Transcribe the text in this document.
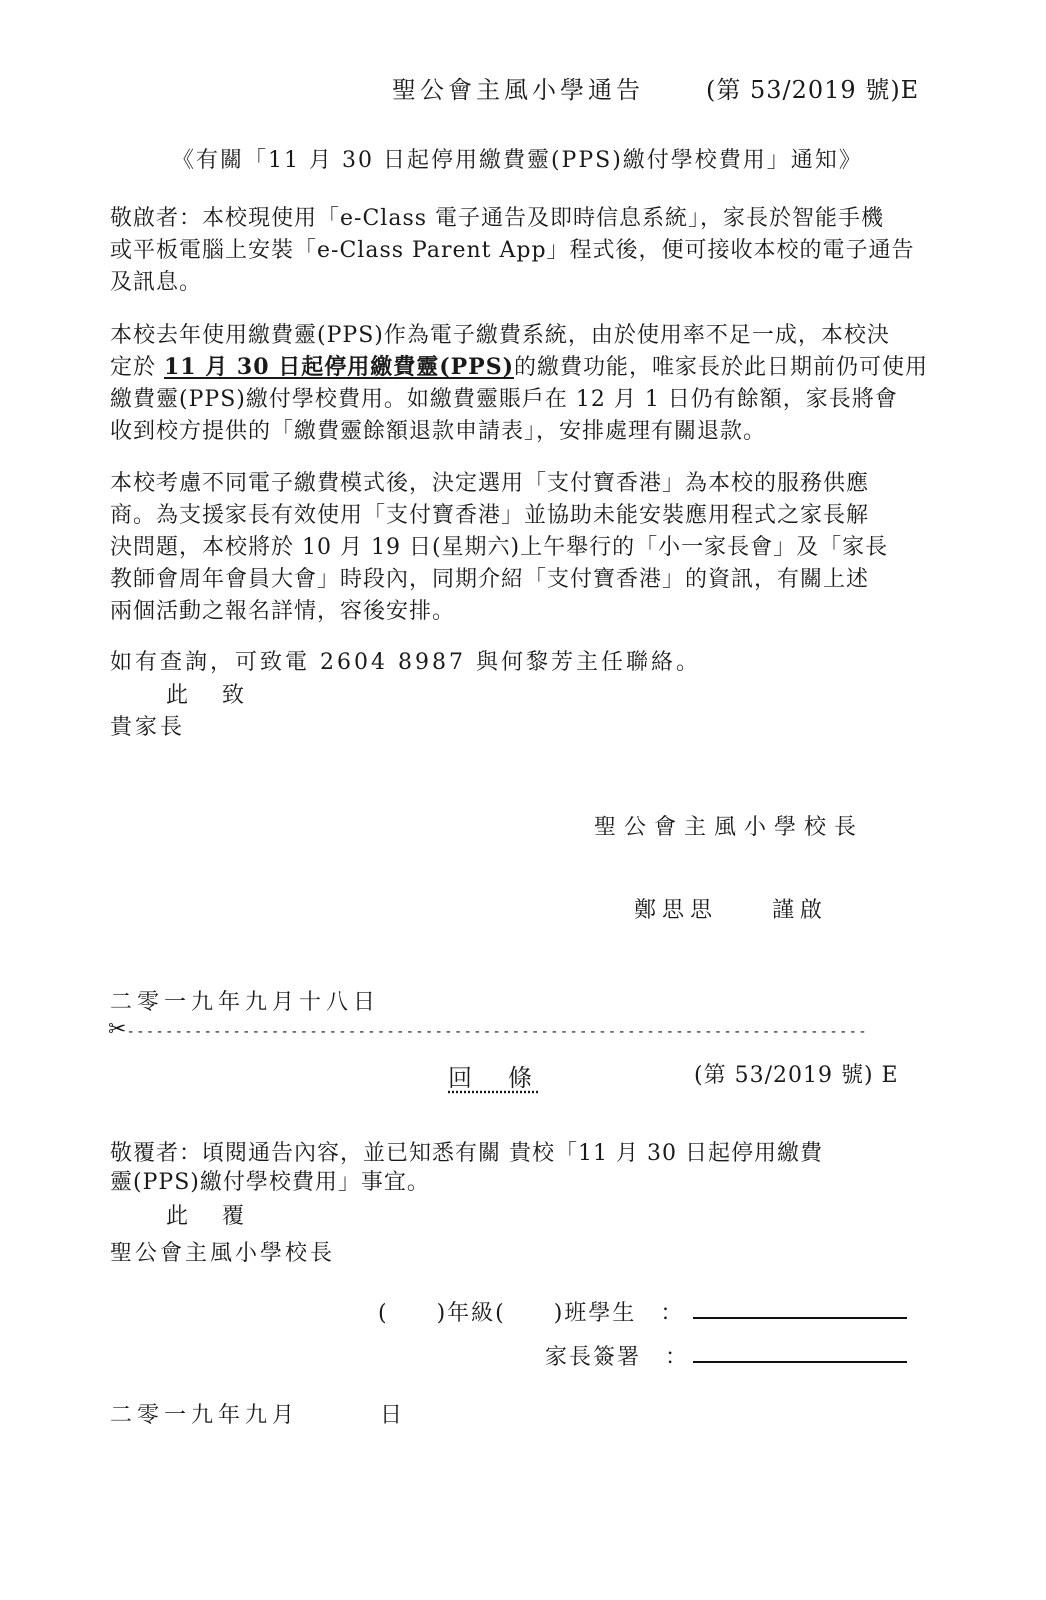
聖公會主風小學通告	(第 53/2019 號)E
《有關「11 月 30 日起停用繳費靈(PPS)繳付學校費用」通知》
敬啟者：本校現使用「e-Class 電子通告及即時信息系統」，家長於智能手機
或平板電腦上安裝「e-Class Parent App」程式後，便可接收本校的電子通告
及訊息。
本校去年使用繳費靈(PPS)作為電子繳費系統，由於使用率不足一成，本校決
定於 11 月 30 日起停用繳費靈(PPS)的繳費功能，唯家長於此日期前仍可使用
繳費靈(PPS)繳付學校費用。如繳費靈賬戶在 12 月 1 日仍有餘額，家長將會
收到校方提供的「繳費靈餘額退款申請表」，安排處理有關退款。
本校考慮不同電子繳費模式後，決定選用「支付寶香港」為本校的服務供應
商。為支援家長有效使用「支付寶香港」並協助未能安裝應用程式之家長解
決問題，本校將於 10 月 19 日(星期六)上午舉行的「小一家長會」及「家長
教師會周年會員大會」時段內，同期介紹「支付寶香港」的資訊，有關上述
兩個活動之報名詳情，容後安排。
如有查詢，可致電 2604 8987 與何黎芳主任聯絡。
此　致
貴家長
聖公會主風小學校長
鄭思思 謹啟
二零一九年九月十八日
✂-----------------------------------------------------------------------------
回　條	(第 53/2019 號) E
敬覆者：頃閱通告內容，並已知悉有關 貴校「11 月 30 日起停用繳費
靈(PPS)繳付學校費用」事宜。
此　覆
聖公會主風小學校長
(　　)年級(　　)班學生　：
家長簽署　：
二零一九年九月　　　日
